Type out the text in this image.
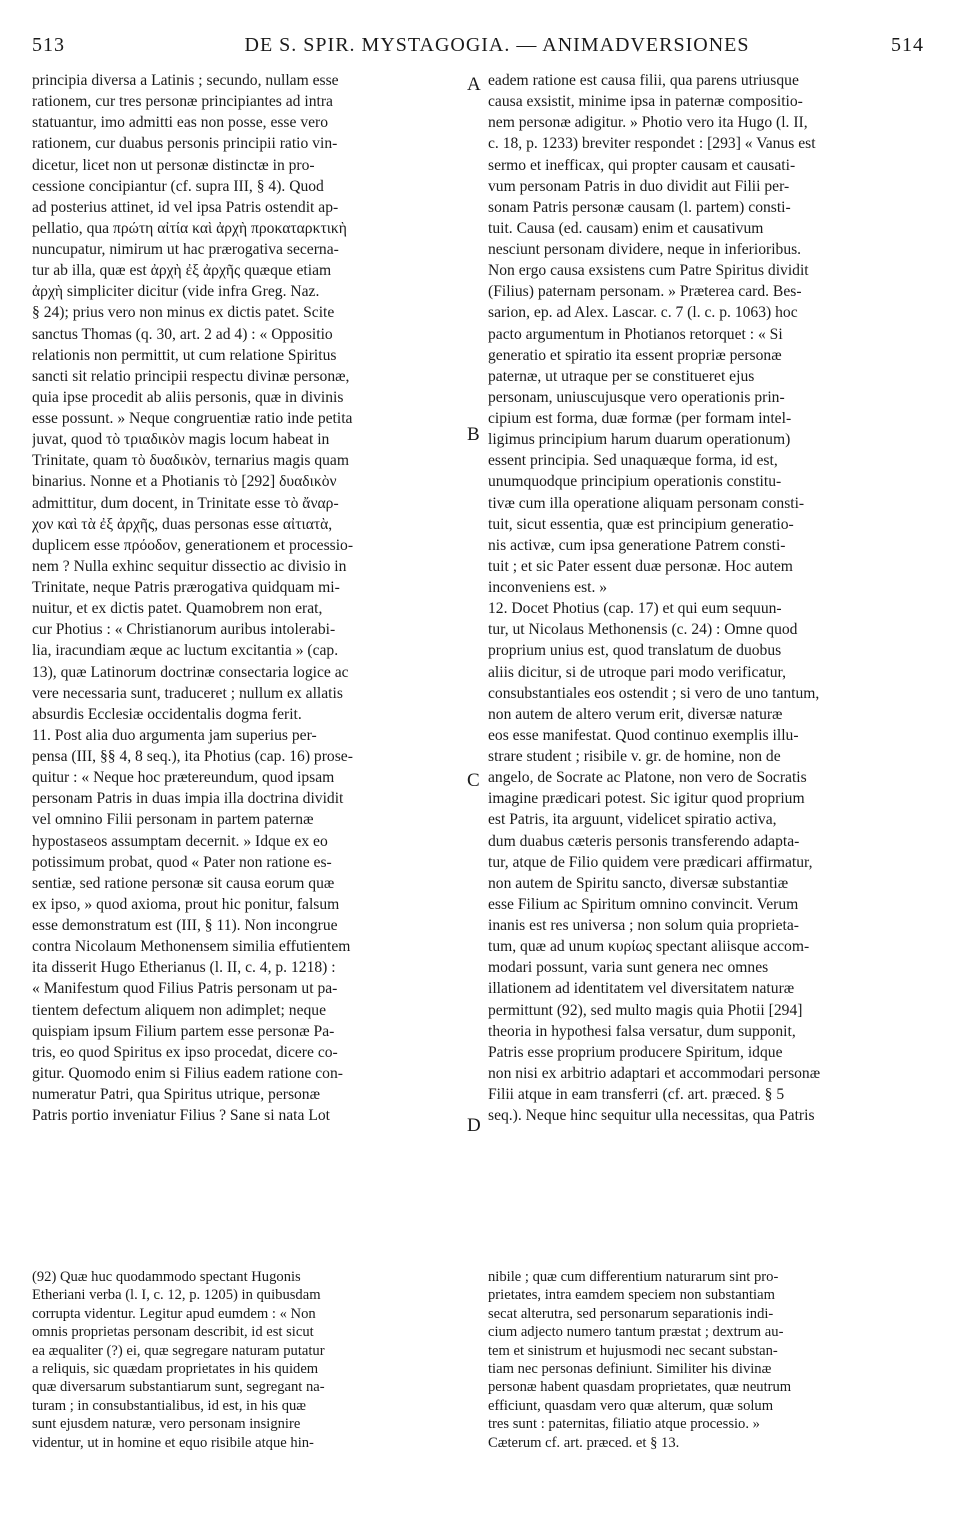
513	DE S. SPIR. MYSTAGOGIA. — ANIMADVERSIONES	514
principia diversa a Latinis ; secundo, nullam esse
rationem, cur tres personæ principiantes ad intra
statuantur, imo admitti eas non posse, esse vero
rationem, cur duabus personis principii ratio vin-
dicetur, licet non ut personæ distinctæ in pro-
cessione concipiantur (cf. supra III, § 4). Quod
ad posterius attinet, id vel ipsa Patris ostendit ap-
pellatio, qua πρώτη αἰτία καὶ ἀρχὴ προκαταρκτικὴ
nuncupatur, nimirum ut hac prærogativa secerna-
tur ab illa, quæ est ἀρχὴ ἐξ ἀρχῆς quæque etiam
ἀρχὴ simpliciter dicitur (vide infra Greg. Naz.
§ 24); prius vero non minus ex dictis patet. Scite
sanctus Thomas (q. 30, art. 2 ad 4) : « Oppositio
relationis non permittit, ut cum relatione Spiritus
sancti sit relatio principii respectu divinæ personæ,
quia ipse procedit ab aliis personis, quæ in divinis
esse possunt. » Neque congruentiæ ratio inde petita
juvat, quod τὸ τριαδικὸν magis locum habeat in
Trinitate, quam τὸ δυαδικὸν, ternarius magis quam
binarius. Nonne et a Photianis τὸ [292] δυαδικὸν
admittitur, dum docent, in Trinitate esse τὸ ἄναρ-
χον καὶ τὰ ἐξ ἀρχῆς, duas personas esse αἰτιατὰ,
duplicem esse πρόοδον, generationem et processio-
nem ? Nulla exhinc sequitur dissectio ac divisio in
Trinitate, neque Patris prærogativa quidquam mi-
nuitur, et ex dictis patet. Quamobrem non erat,
cur Photius : « Christianorum auribus intolerabi-
lia, iracundiam æque ac luctum excitantia » (cap.
13), quæ Latinorum doctrinæ consectaria logice ac
vere necessaria sunt, traduceret ; nullum ex allatis
absurdis Ecclesiæ occidentalis dogma ferit.
11. Post alia duo argumenta jam superius per-
pensa (III, §§ 4, 8 seq.), ita Photius (cap. 16) prose-
quitur : « Neque hoc prætereundum, quod ipsam
personam Patris in duas impia illa doctrina dividit
vel omnino Filii personam in partem paternæ
hypostaseos assumptam decernit. » Idque ex eo
potissimum probat, quod « Pater non ratione es-
sentiæ, sed ratione personæ sit causa eorum quæ
ex ipso, » quod axioma, prout hic ponitur, falsum
esse demonstratum est (III, § 11). Non incongrue
contra Nicolaum Methonensem similia effutientem
ita disserit Hugo Etherianus (l. II, c. 4, p. 1218) :
« Manifestum quod Filius Patris personam ut pa-
tientem defectum aliquem non adimplet; neque
quispiam ipsum Filium partem esse personæ Pa-
tris, eo quod Spiritus ex ipso procedat, dicere co-
gitur. Quomodo enim si Filius eadem ratione con-
numeratur Patri, qua Spiritus utrique, personæ
Patris portio inveniatur Filius ? Sane si nata Lot
eadem ratione est causa filii, qua parens utriusque
causa exsistit, minime ipsa in paternæ compositio-
nem personæ adigitur. » Photio vero ita Hugo (l. II,
c. 18, p. 1233) breviter respondet : [293] « Vanus est
sermo et inefficax, qui propter causam et causati-
vum personam Patris in duo dividit aut Filii per-
sonam Patris personæ causam (l. partem) consti-
tuit. Causa (ed. causam) enim et causativum
nesciunt personam dividere, neque in inferioribus.
Non ergo causa exsistens cum Patre Spiritus dividit
(Filius) paternam personam. » Præterea card. Bes-
sarion, ep. ad Alex. Lascar. c. 7 (l. c. p. 1063) hoc
pacto argumentum in Photianos retorquet : « Si
generatio et spiratio ita essent propriæ personæ
paternæ, ut utraque per se constitueret ejus
personam, uniuscujusque vero operationis prin-
cipium est forma, duæ formæ (per formam intel-
ligimus principium harum duarum operationum)
essent principia. Sed unaquæque forma, id est,
unumquodque principium operationis constitu-
tivæ cum illa operatione aliquam personam consti-
tuit, sicut essentia, quæ est principium generatio-
nis activæ, cum ipsa generatione Patrem consti-
tuit ; et sic Pater essent duæ personæ. Hoc autem
inconveniens est. »
12. Docet Photius (cap. 17) et qui eum sequun-
tur, ut Nicolaus Methonensis (c. 24) : Omne quod
proprium unius est, quod translatum de duobus
aliis dicitur, si de utroque pari modo verificatur,
consubstantiales eos ostendit ; si vero de uno tantum,
non autem de altero verum erit, diversæ naturæ
eos esse manifestat. Quod continuo exemplis illu-
strare student ; risibile v. gr. de homine, non de
angelo, de Socrate ac Platone, non vero de Socratis
imagine prædicari potest. Sic igitur quod proprium
est Patris, ita arguunt, videlicet spiratio activa,
dum duabus cæteris personis transferendo adapta-
tur, atque de Filio quidem vere prædicari affirmatur,
non autem de Spiritu sancto, diversæ substantiæ
esse Filium ac Spiritum omnino convincit. Verum
inanis est res universa ; non solum quia proprieta-
tum, quæ ad unum κυρίως spectant aliisque accom-
modari possunt, varia sunt genera nec omnes
illationem ad identitatem vel diversitatem naturæ
permittunt (92), sed multo magis quia Photii [294]
theoria in hypothesi falsa versatur, dum supponit,
Patris esse proprium producere Spiritum, idque
non nisi ex arbitrio adaptari et accommodari personæ
Filii atque in eam transferri (cf. art. præced. § 5
seq.). Neque hinc sequitur ulla necessitas, qua Patris
A
B
C
D
(92) Quæ huc quodammodo spectant Hugonis
Etheriani verba (l. I, c. 12, p. 1205) in quibusdam
corrupta videntur. Legitur apud eumdem : « Non
omnis proprietas personam describit, id est sicut
ea æqualiter (?) ei, quæ segregare naturam putatur
a reliquis, sic quædam proprietates in his quidem
quæ diversarum substantiarum sunt, segregant na-
turam ; in consubstantialibus, id est, in his quæ
sunt ejusdem naturæ, vero personam insignire
videntur, ut in homine et equo risibile atque hin-
nibile ; quæ cum differentium naturarum sint pro-
prietates, intra eamdem speciem non substantiam
secat alterutra, sed personarum separationis indi-
cium adjecto numero tantum præstat ; dextrum au-
tem et sinistrum et hujusmodi nec secant substan-
tiam nec personas definiunt. Similiter his divinæ
personæ habent quasdam proprietates, quæ neutrum
efficiunt, quasdam vero quæ alterum, quæ solum
tres sunt : paternitas, filiatio atque processio. »
Cæterum cf. art. præced. et § 13.
